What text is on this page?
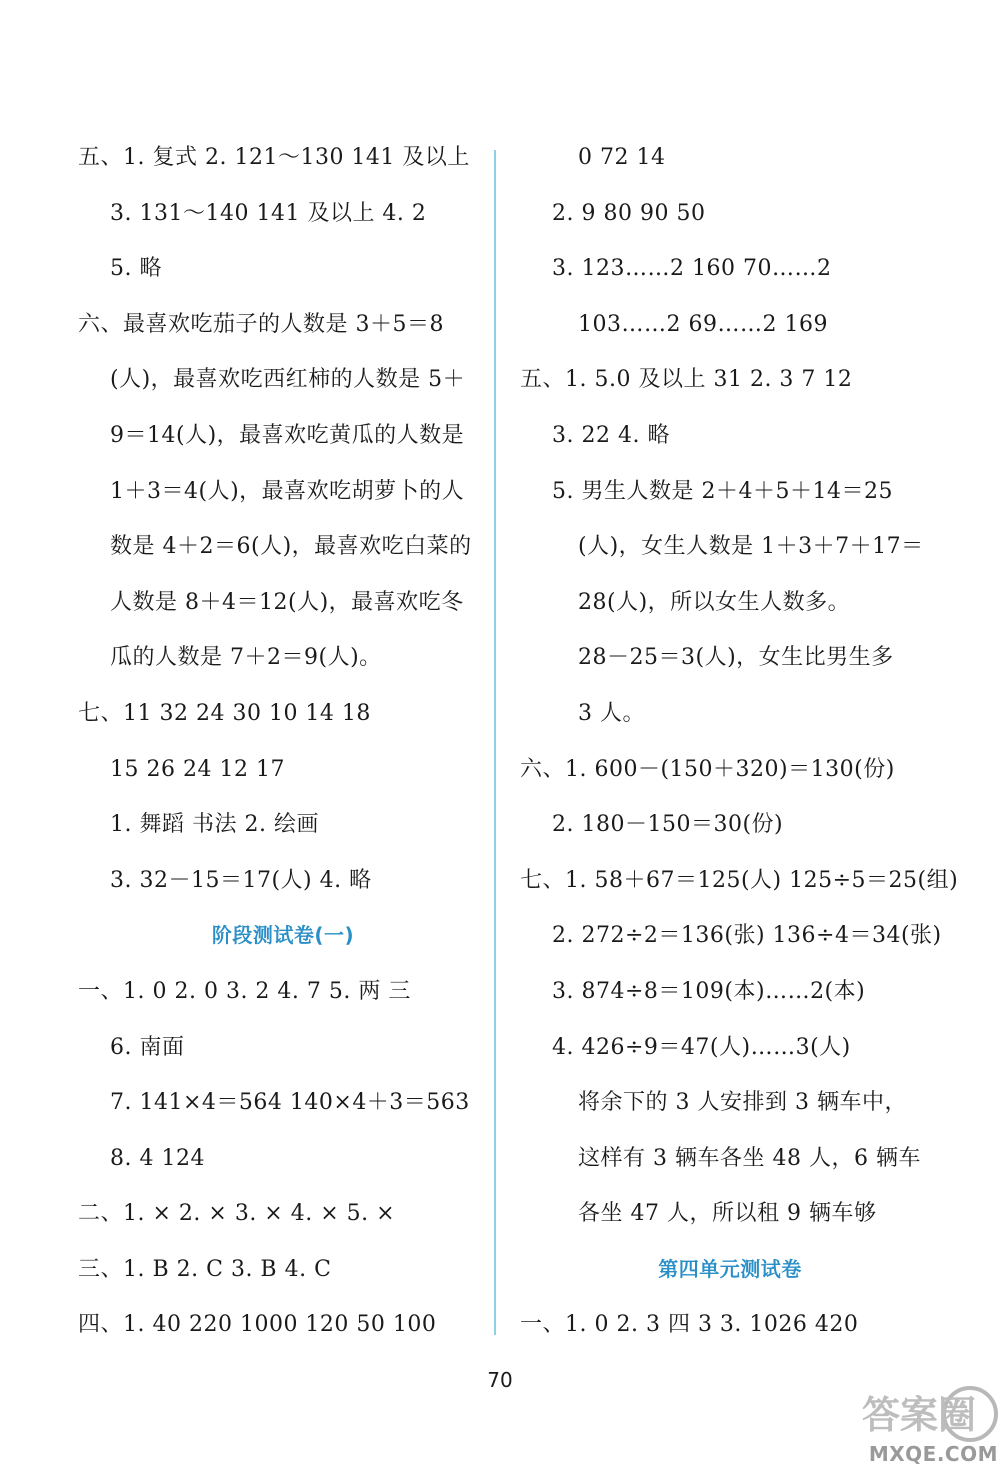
五、1. 复式 2. 121～130 141 及以上
3. 131～140 141 及以上 4. 2
5. 略
六、最喜欢吃茄子的人数是 3＋5＝8
(人)，最喜欢吃西红柿的人数是 5＋
9＝14(人)，最喜欢吃黄瓜的人数是
1＋3＝4(人)，最喜欢吃胡萝卜的人
数是 4＋2＝6(人)，最喜欢吃白菜的
人数是 8＋4＝12(人)，最喜欢吃冬
瓜的人数是 7＋2＝9(人)。
七、11 32 24 30 10 14 18
15 26 24 12 17
1. 舞蹈 书法 2. 绘画
3. 32－15＝17(人) 4. 略
阶段测试卷(一)
一、1. 0 2. 0 3. 2 4. 7 5. 两 三
6. 南面
7. 141×4＝564 140×4＋3＝563
8. 4 124
二、1. × 2. × 3. × 4. × 5. ×
三、1. B 2. C 3. B 4. C
四、1. 40 220 1000 120 50 100
0 72 14
2. 9 80 90 50
3. 123……2 160 70……2
103……2 69……2 169
五、1. 5.0 及以上 31 2. 3 7 12
3. 22 4. 略
5. 男生人数是 2＋4＋5＋14＝25
(人)，女生人数是 1＋3＋7＋17＝
28(人)，所以女生人数多。
28－25＝3(人)，女生比男生多
3 人。
六、1. 600－(150＋320)＝130(份)
2. 180－150＝30(份)
七、1. 58＋67＝125(人) 125÷5＝25(组)
2. 272÷2＝136(张) 136÷4＝34(张)
3. 874÷8＝109(本)……2(本)
4. 426÷9＝47(人)……3(人)
将余下的 3 人安排到 3 辆车中，
这样有 3 辆车各坐 48 人，6 辆车
各坐 47 人，所以租 9 辆车够
第四单元测试卷
一、1. 0 2. 3 四 3 3. 1026 420
70
答案圈
MXQE.COM
